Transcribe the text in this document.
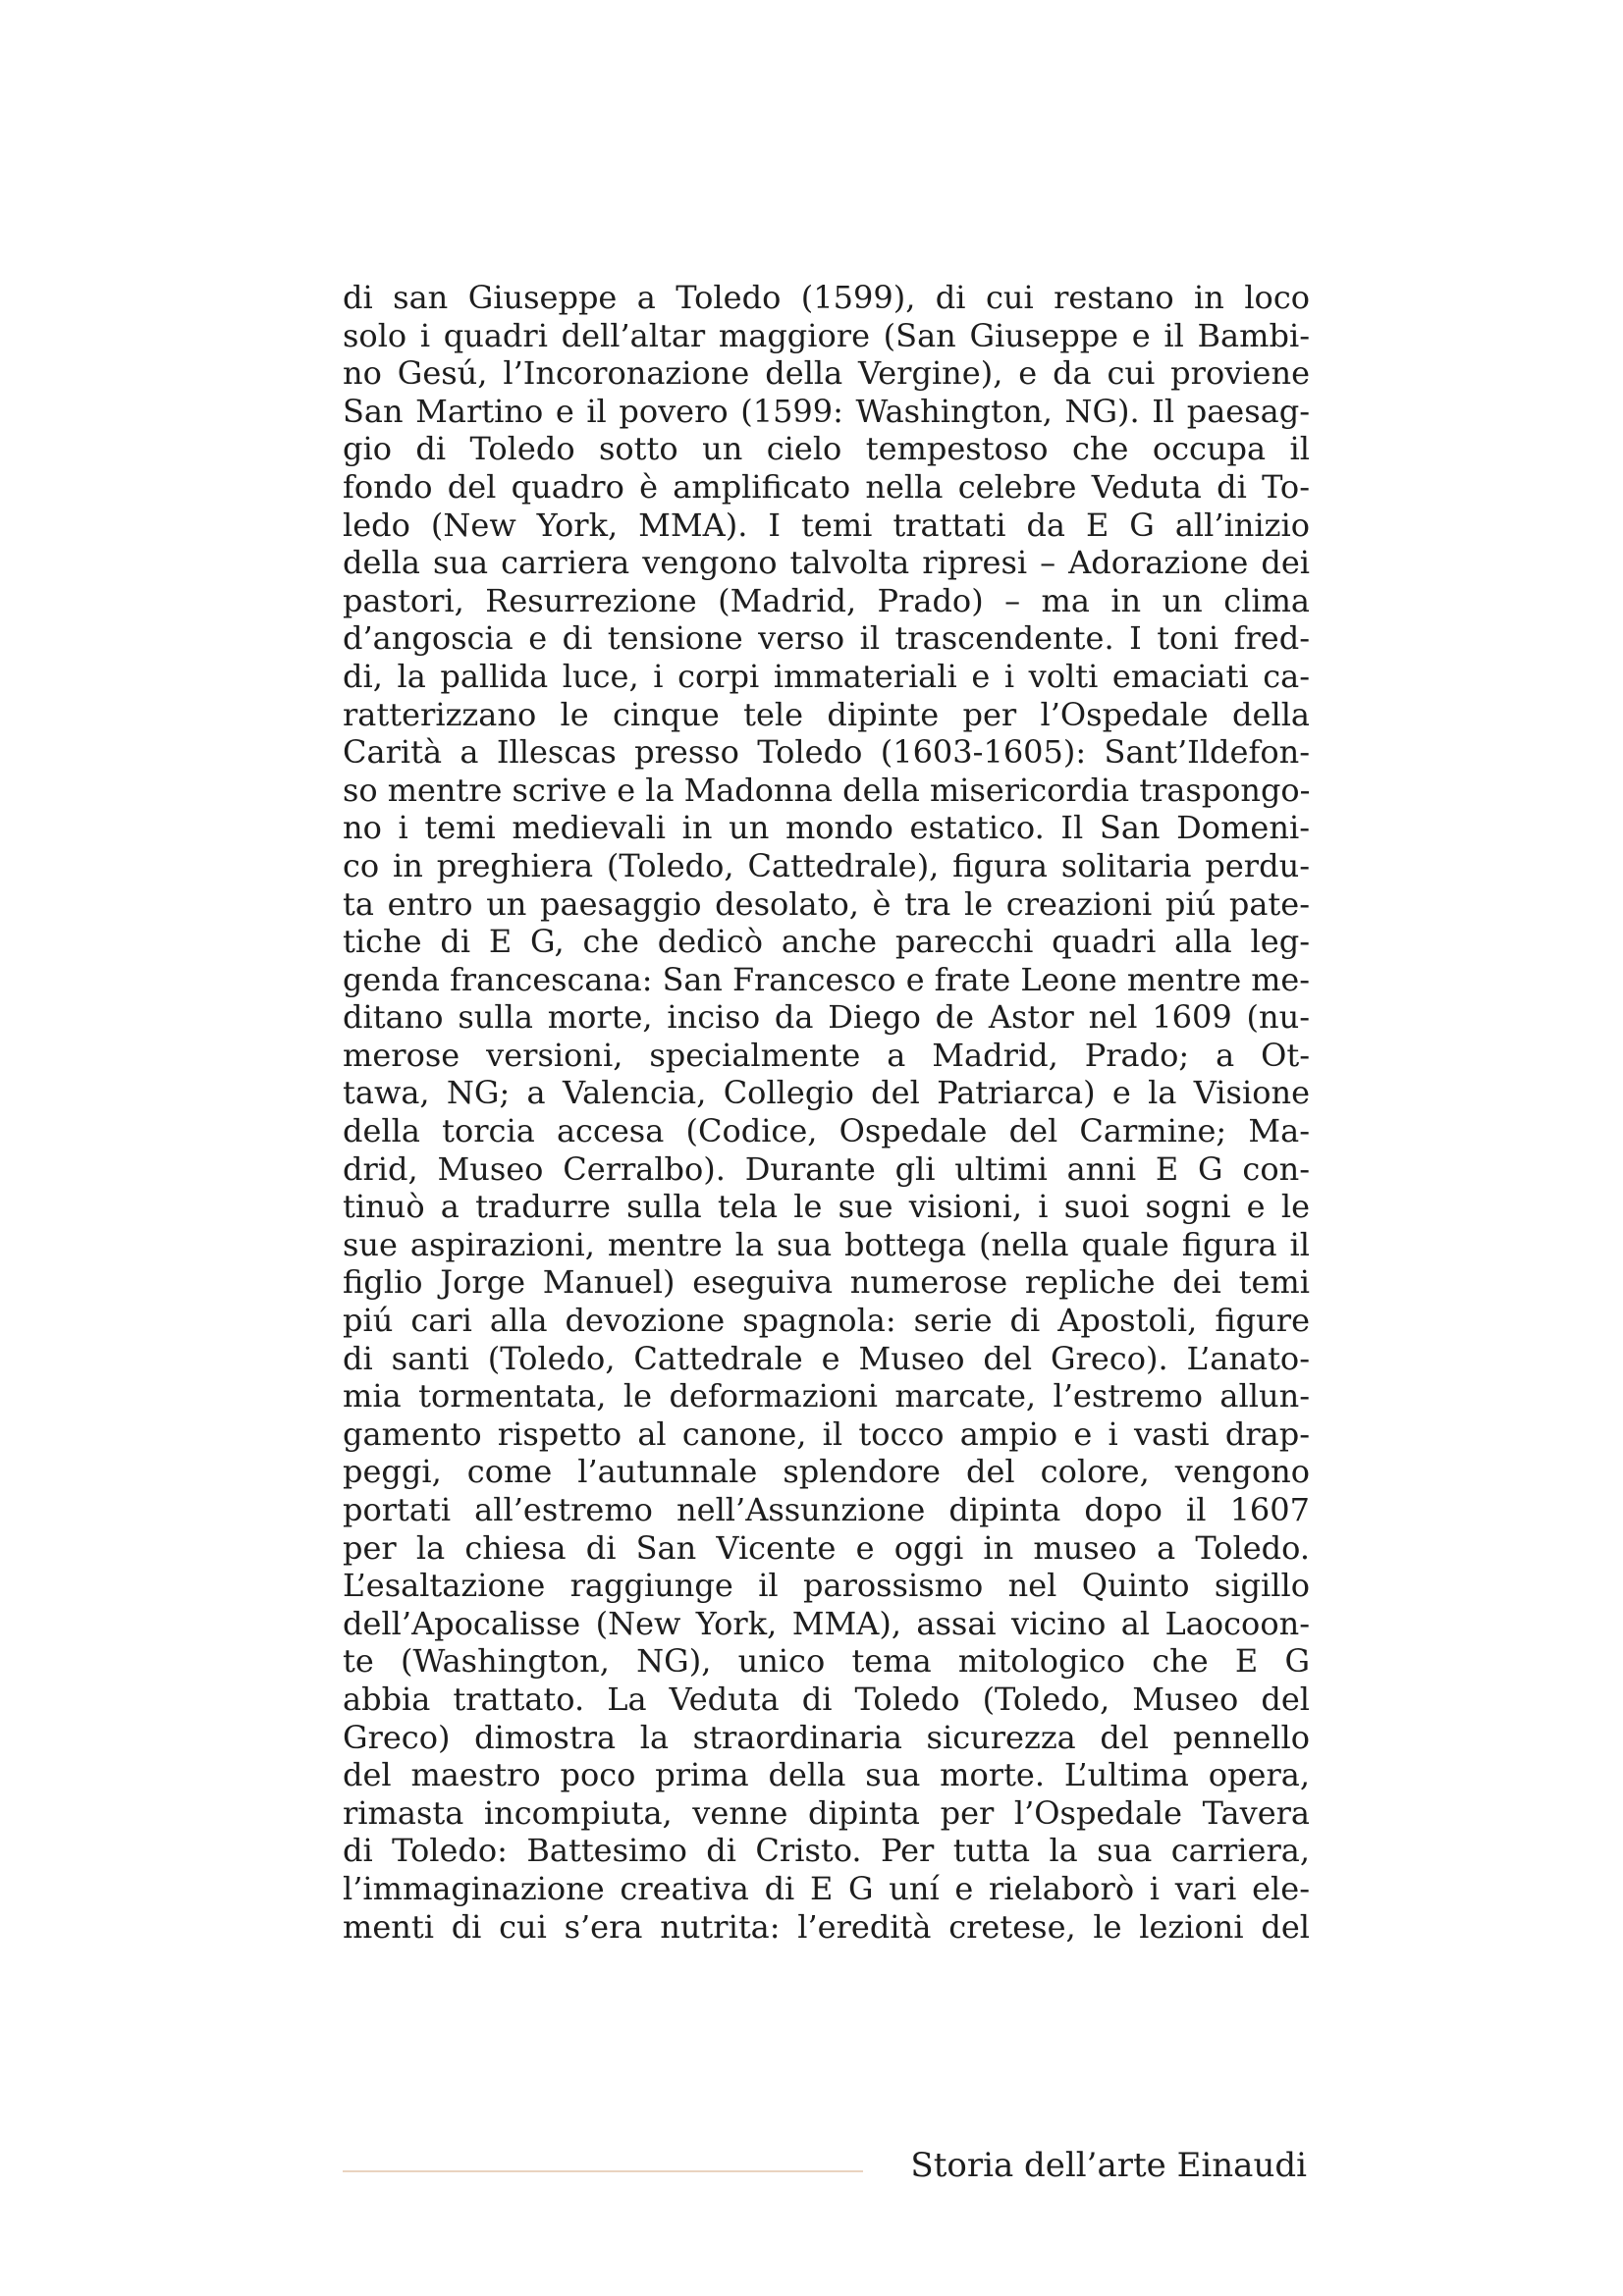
di san Giuseppe a Toledo (1599), di cui restano in loco
solo i quadri dell’altar maggiore (San Giuseppe e il Bambi-
no Gesú, l’Incoronazione della Vergine), e da cui proviene
San Martino e il povero (1599: Washington, NG). Il paesag-
gio di Toledo sotto un cielo tempestoso che occupa il
fondo del quadro è amplificato nella celebre Veduta di To-
ledo (New York, MMA). I temi trattati da E G all’inizio
della sua carriera vengono talvolta ripresi – Adorazione dei
pastori, Resurrezione (Madrid, Prado) – ma in un clima
d’angoscia e di tensione verso il trascendente. I toni fred-
di, la pallida luce, i corpi immateriali e i volti emaciati ca-
ratterizzano le cinque tele dipinte per l’Ospedale della
Carità a Illescas presso Toledo (1603-1605): Sant’Ildefon-
so mentre scrive e la Madonna della misericordia traspongo-
no i temi medievali in un mondo estatico. Il San Domeni-
co in preghiera (Toledo, Cattedrale), figura solitaria perdu-
ta entro un paesaggio desolato, è tra le creazioni piú pate-
tiche di E G, che dedicò anche parecchi quadri alla leg-
genda francescana: San Francesco e frate Leone mentre me-
ditano sulla morte, inciso da Diego de Astor nel 1609 (nu-
merose versioni, specialmente a Madrid, Prado; a Ot-
tawa, NG; a Valencia, Collegio del Patriarca) e la Visione
della torcia accesa (Codice, Ospedale del Carmine; Ma-
drid, Museo Cerralbo). Durante gli ultimi anni E G con-
tinuò a tradurre sulla tela le sue visioni, i suoi sogni e le
sue aspirazioni, mentre la sua bottega (nella quale figura il
figlio Jorge Manuel) eseguiva numerose repliche dei temi
piú cari alla devozione spagnola: serie di Apostoli, figure
di santi (Toledo, Cattedrale e Museo del Greco). L’anato-
mia tormentata, le deformazioni marcate, l’estremo allun-
gamento rispetto al canone, il tocco ampio e i vasti drap-
peggi, come l’autunnale splendore del colore, vengono
portati all’estremo nell’Assunzione dipinta dopo il 1607
per la chiesa di San Vicente e oggi in museo a Toledo.
L’esaltazione raggiunge il parossismo nel Quinto sigillo
dell’Apocalisse (New York, MMA), assai vicino al Laocoon-
te (Washington, NG), unico tema mitologico che E G
abbia trattato. La Veduta di Toledo (Toledo, Museo del
Greco) dimostra la straordinaria sicurezza del pennello
del maestro poco prima della sua morte. L’ultima opera,
rimasta incompiuta, venne dipinta per l’Ospedale Tavera
di Toledo: Battesimo di Cristo. Per tutta la sua carriera,
l’immaginazione creativa di E G uní e rielaborò i vari ele-
menti di cui s’era nutrita: l’eredità cretese, le lezioni del
Storia dell’arte Einaudi
